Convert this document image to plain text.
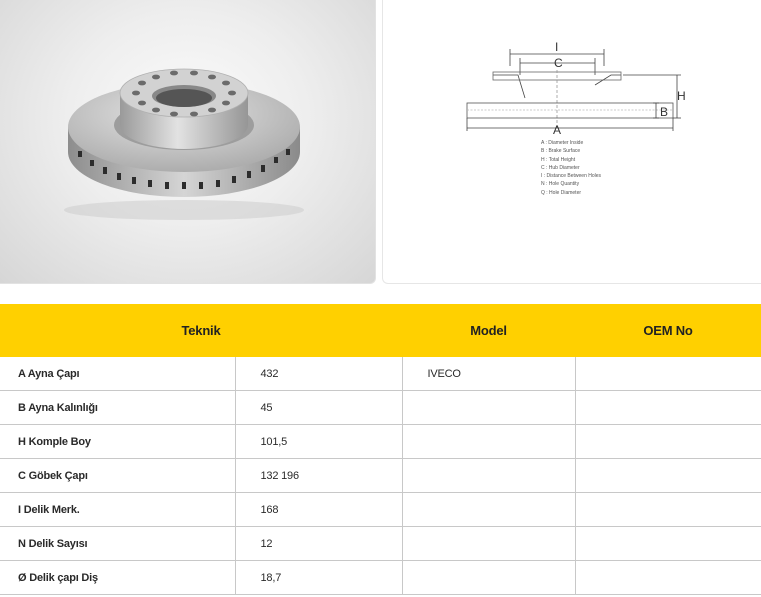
I
C
A
B
H
A : Diameter Inside
B : Brake Surface
H : Total Height
C : Hub Diameter
I : Distance Between Holes
N : Hole Quantity
Q : Hole Diameter
Teknik		Model	OEM No
A Ayna Çapı	432	IVECO	
B Ayna Kalınlığı	45		
H Komple Boy	101,5		
C Göbek Çapı	132 196		
I Delik Merk.	168		
N Delik Sayısı	12		
Ø Delik çapı Diş	18,7		
